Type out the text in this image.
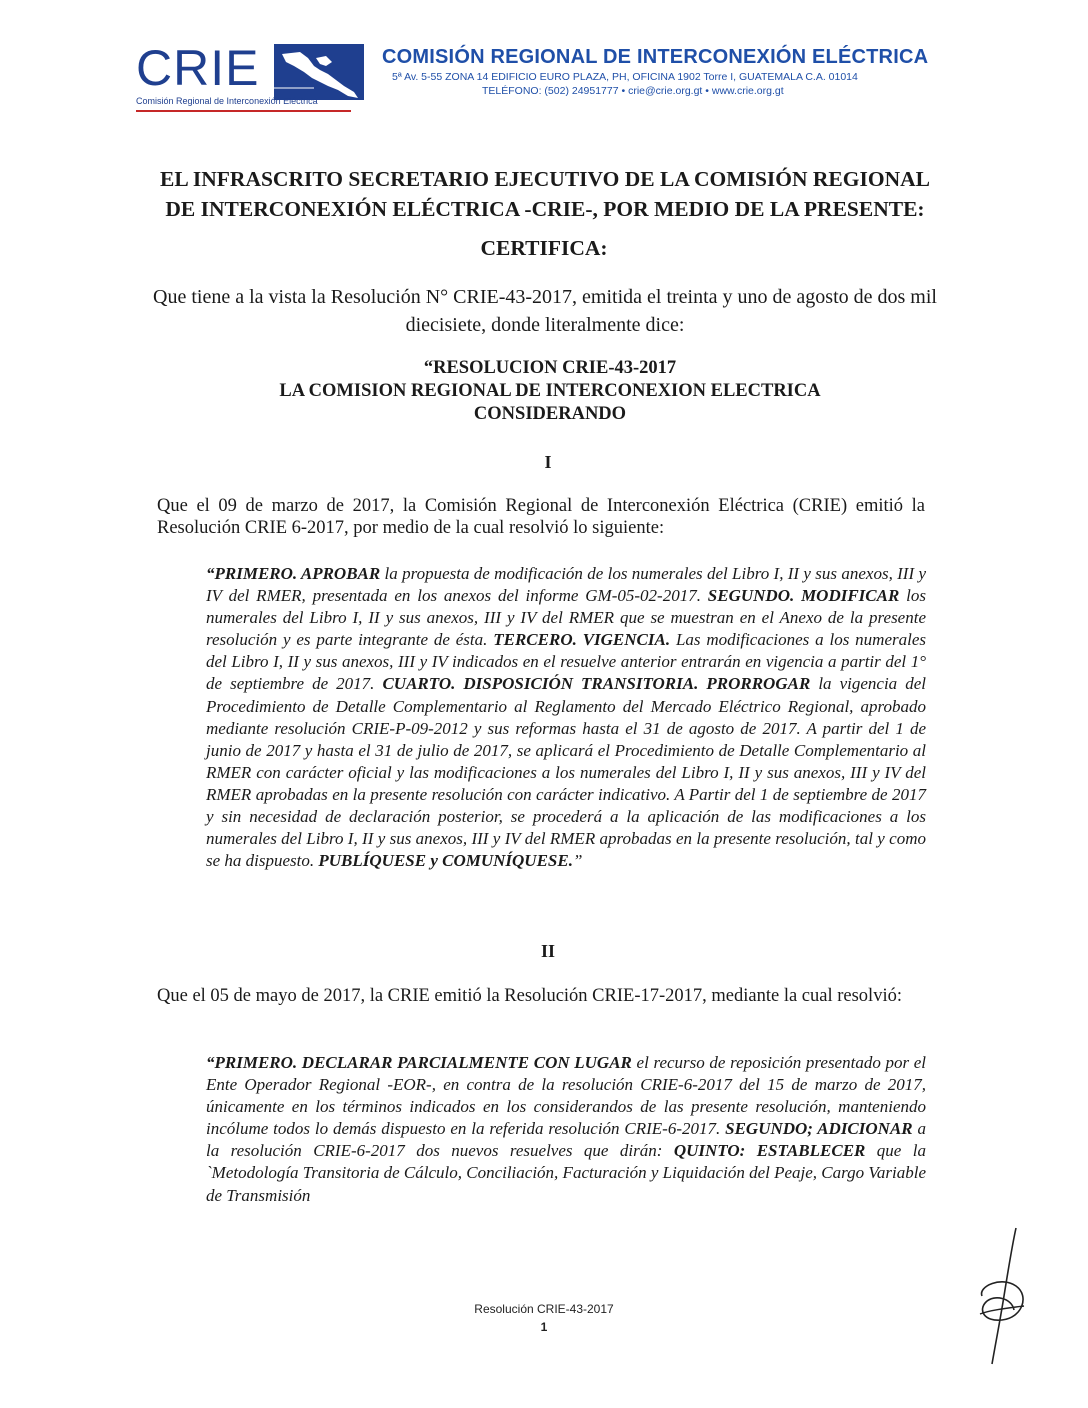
CRIE
Comisión Regional de Interconexión Eléctrica
COMISIÓN REGIONAL DE INTERCONEXIÓN ELÉCTRICA
5ª Av. 5-55 ZONA 14 EDIFICIO EURO PLAZA, PH, OFICINA 1902 Torre I, GUATEMALA C.A. 01014
TELÉFONO: (502) 24951777 • crie@crie.org.gt • www.crie.org.gt
EL INFRASCRITO SECRETARIO EJECUTIVO DE LA COMISIÓN REGIONAL DE INTERCONEXIÓN ELÉCTRICA -CRIE-, POR MEDIO DE LA PRESENTE:
CERTIFICA:
Que tiene a la vista la Resolución N° CRIE-43-2017, emitida el treinta y uno de agosto de dos mil diecisiete, donde literalmente dice:
“RESOLUCION CRIE-43-2017
LA COMISION REGIONAL DE INTERCONEXION ELECTRICA
CONSIDERANDO
I
Que el 09 de marzo de 2017, la Comisión Regional de Interconexión Eléctrica (CRIE) emitió la Resolución CRIE 6-2017, por medio de la cual resolvió lo siguiente:
“PRIMERO. APROBAR la propuesta de modificación de los numerales del Libro I, II y sus anexos, III y IV del RMER, presentada en los anexos del informe GM-05-02-2017. SEGUNDO. MODIFICAR los numerales del Libro I, II y sus anexos, III y IV del RMER que se muestran en el Anexo de la presente resolución y es parte integrante de ésta. TERCERO. VIGENCIA. Las modificaciones a los numerales del Libro I, II y sus anexos, III y IV indicados en el resuelve anterior entrarán en vigencia a partir del 1° de septiembre de 2017. CUARTO. DISPOSICIÓN TRANSITORIA. PRORROGAR la vigencia del Procedimiento de Detalle Complementario al Reglamento del Mercado Eléctrico Regional, aprobado mediante resolución CRIE-P-09-2012 y sus reformas hasta el 31 de agosto de 2017. A partir del 1 de junio de 2017 y hasta el 31 de julio de 2017, se aplicará el Procedimiento de Detalle Complementario al RMER con carácter oficial y las modificaciones a los numerales del Libro I, II y sus anexos, III y IV del RMER aprobadas en la presente resolución con carácter indicativo. A Partir del 1 de septiembre de 2017 y sin necesidad de declaración posterior, se procederá a la aplicación de las modificaciones a los numerales del Libro I, II y sus anexos, III y IV del RMER aprobadas en la presente resolución, tal y como se ha dispuesto. PUBLÍQUESE y COMUNÍQUESE.”
II
Que el 05 de mayo de 2017, la CRIE emitió la Resolución CRIE-17-2017, mediante la cual resolvió:
“PRIMERO. DECLARAR PARCIALMENTE CON LUGAR el recurso de reposición presentado por el Ente Operador Regional -EOR-, en contra de la resolución CRIE-6-2017 del 15 de marzo de 2017, únicamente en los términos indicados en los considerandos de las presente resolución, manteniendo incólume todos lo demás dispuesto en la referida resolución CRIE-6-2017. SEGUNDO; ADICIONAR a la resolución CRIE-6-2017 dos nuevos resuelves que dirán: QUINTO: ESTABLECER que la `Metodología Transitoria de Cálculo, Conciliación, Facturación y Liquidación del Peaje, Cargo Variable de Transmisión
Resolución CRIE-43-2017
1
